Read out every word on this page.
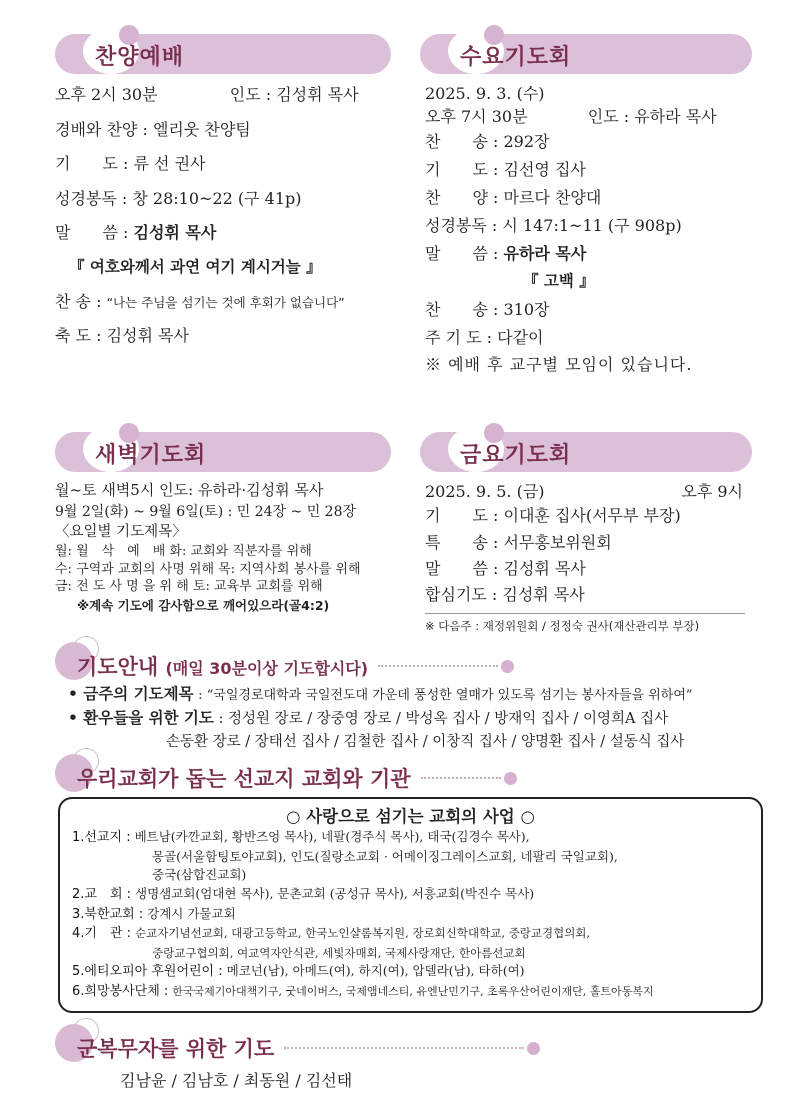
찬양예배
오후 2시 30분	인도 : 김성휘 목사
경배와 찬양 : 엘리웃 찬양팀
기　　도 : 류 선 권사
성경봉독 : 창 28:10~22 (구 41p)
말　　씀 : 김성휘 목사
『 여호와께서 과연 여기 계시거늘 』
찬 송 : “나는 주님을 섬기는 것에 후회가 없습니다”
축 도 : 김성휘 목사
수요기도회
2025. 9. 3. (수)
오후 7시 30분	인도 : 유하라 목사
찬　　송 : 292장
기　　도 : 김선영 집사
찬　　양 : 마르다 찬양대
성경봉독 : 시 147:1~11 (구 908p)
말　　씀 : 유하라 목사
『 고백 』
찬　　송 : 310장
주 기 도 : 다같이
※ 예배 후 교구별 모임이 있습니다.
새벽기도회
월~토 새벽5시 인도: 유하라·김성휘 목사
9월 2일(화) ~ 9월 6일(토) : 민 24장 ~ 민 28장
〈요일별 기도제목〉
월: 월　삭　예　배 화: 교회와 직분자를 위해
수: 구역과 교회의 사명 위해 목: 지역사회 봉사를 위해
금: 전 도 사 명 을 위 해 토: 교육부 교회를 위해
※계속 기도에 감사함으로 깨어있으라(골4:2)
금요기도회
2025. 9. 5. (금)	오후 9시
기　　도 : 이대훈 집사(서무부 부장)
특　　송 : 서무홍보위원회
말　　씀 : 김성휘 목사
합심기도 : 김성휘 목사
※ 다음주 : 재정위원회 / 정정숙 권사(재산관리부 부장)
기도안내 (매일 30분이상 기도합시다)
• 금주의 기도제목 : “국일경로대학과 국일전도대 가운데 풍성한 열매가 있도록 섬기는 봉사자들을 위하여”
• 환우들을 위한 기도 : 정성원 장로 / 장중영 장로 / 박성옥 집사 / 방재익 집사 / 이영희A 집사
손동환 장로 / 장태선 집사 / 김철한 집사 / 이창직 집사 / 양명환 집사 / 설동식 집사
우리교회가 돕는 선교지 교회와 기관
○ 사랑으로 섬기는 교회의 사업 ○
1.선교지 : 베트남(카깐교회, 황반즈엉 목사), 네팔(경주식 목사), 태국(김경수 목사),
몽골(서울함팅토야교회), 인도(질랑소교회 · 어메이징그레이스교회, 네팔리 국일교회),
중국(삼합진교회)
2.교　회 : 생명샘교회(엄대현 목사), 문촌교회 (공성규 목사), 서흥교회(박진수 목사)
3.북한교회 : 강계시 가물교회
4.기　관 : 순교자기념선교회, 대광고등학교, 한국노인샬롬복지원, 장로회신학대학교, 중랑교경협의회,
중랑교구협의회, 여교역자안식관, 세빛자매회, 국제사랑재단, 한아름선교회
5.에티오피아 후원어린이 : 메코넌(남), 아메드(여), 하지(여), 압델라(남), 타하(여)
6.희망봉사단체 : 한국국제기아대책기구, 굿네이버스, 국제앰네스티, 유엔난민기구, 초록우산어린이재단, 홀트아동복지
군복무자를 위한 기도
김남윤 / 김남호 / 최동원 / 김선태
